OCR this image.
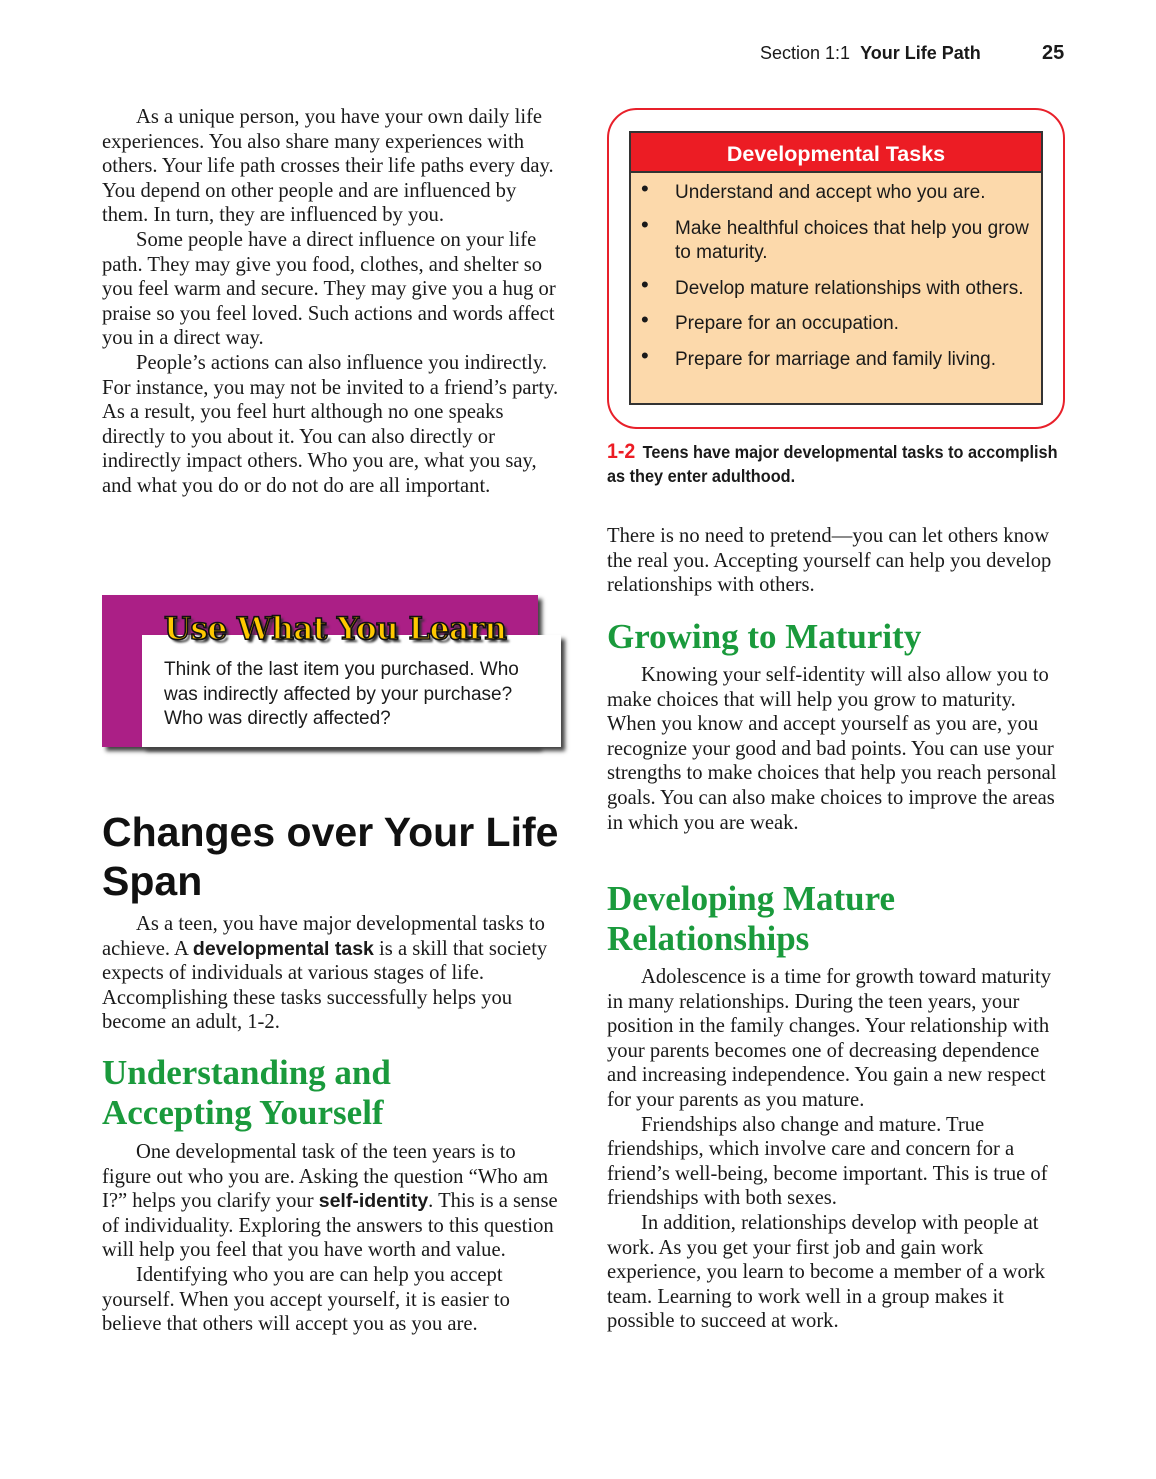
Section 1:1 Your Life Path	25

As a unique person, you have your own daily life experiences. You also share many experiences with others. Your life path crosses their life paths every day. You depend on other people and are influenced by them. In turn, they are influenced by you.

Some people have a direct influence on your life path. They may give you food, clothes, and shelter so you feel warm and secure. They may give you a hug or praise so you feel loved. Such actions and words affect you in a direct way.

People’s actions can also influence you indirectly. For instance, you may not be invited to a friend’s party. As a result, you feel hurt although no one speaks directly to you about it. You can also directly or indirectly impact others. Who you are, what you say, and what you do or do not do are all important.

Use What You Learn
Think of the last item you purchased. Who was indirectly affected by your purchase? Who was directly affected?
Changes over Your Life Span

As a teen, you have major developmental tasks to achieve. A developmental task is a skill that society expects of individuals at various stages of life. Accomplishing these tasks successfully helps you become an adult, 1-2.

Understanding and Accepting Yourself

One developmental task of the teen years is to figure out who you are. Asking the question “Who am I?” helps you clarify your self-identity. This is a sense of individuality. Exploring the answers to this question will help you feel that you have worth and value.

Identifying who you are can help you accept yourself. When you accept yourself, it is easier to believe that others will accept you as you are.

Developmental Tasks
• Understand and accept who you are.
• Make healthful choices that help you grow to maturity.
• Develop mature relationships with others.
• Prepare for an occupation.
• Prepare for marriage and family living.
1-2 Teens have major developmental tasks to accomplish as they enter adulthood.

There is no need to pretend—you can let others know the real you. Accepting yourself can help you develop relationships with others.

Growing to Maturity

Knowing your self-identity will also allow you to make choices that will help you grow to maturity. When you know and accept yourself as you are, you recognize your good and bad points. You can use your strengths to make choices that help you reach personal goals. You can also make choices to improve the areas in which you are weak.

Developing Mature Relationships

Adolescence is a time for growth toward maturity in many relationships. During the teen years, your position in the family changes. Your relationship with your parents becomes one of decreasing dependence and increasing independence. You gain a new respect for your parents as you mature.

Friendships also change and mature. True friendships, which involve care and concern for a friend’s well-being, become important. This is true of friendships with both sexes.

In addition, relationships develop with people at work. As you get your first job and gain work experience, you learn to become a member of a work team. Learning to work well in a group makes it possible to succeed at work.
